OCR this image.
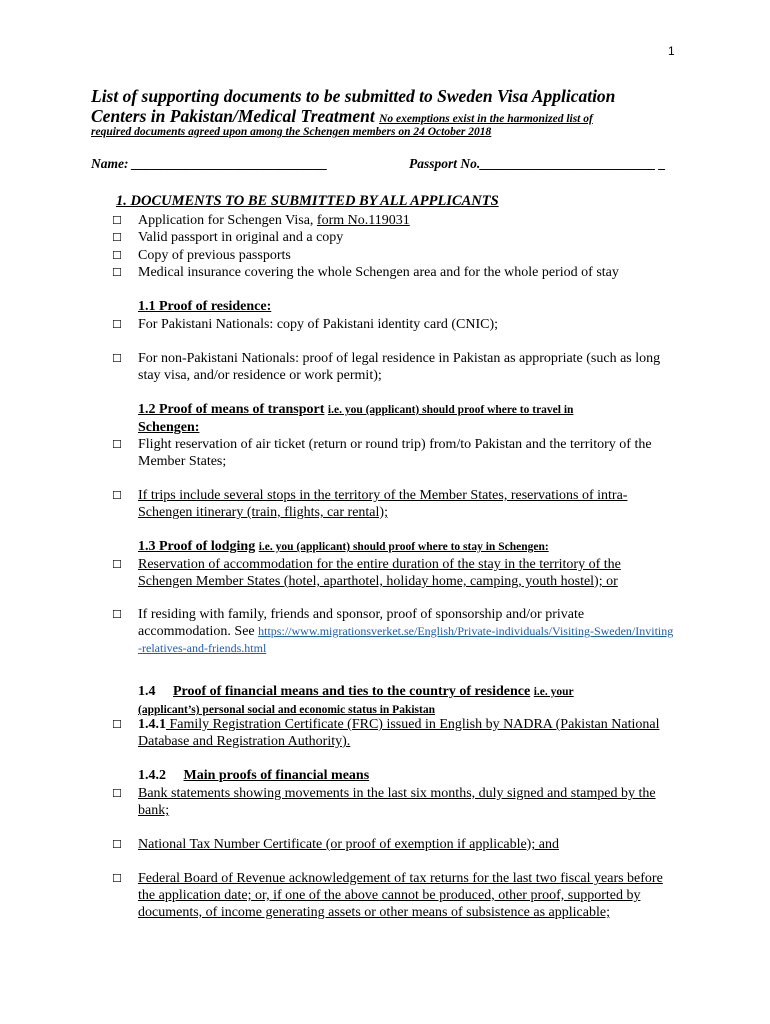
1
List of supporting documents to be submitted to Sweden Visa Application
Centers in Pakistan/Medical Treatment No exemptions exist in the harmonized list of
required documents agreed upon among the Schengen members on 24 October 2018
Name: _____________________________	Passport No.__________________________ _
1. DOCUMENTS TO BE SUBMITTED BY ALL APPLICANTS
☐ Application for Schengen Visa, form No.119031
☐ Valid passport in original and a copy
☐ Copy of previous passports
☐ Medical insurance covering the whole Schengen area and for the whole period of stay
1.1 Proof of residence:
☐ For Pakistani Nationals: copy of Pakistani identity card (CNIC);
☐ For non-Pakistani Nationals: proof of legal residence in Pakistan as appropriate (such as long stay visa, and/or residence or work permit);
1.2 Proof of means of transport i.e. you (applicant) should proof where to travel in
Schengen:
☐ Flight reservation of air ticket (return or round trip) from/to Pakistan and the territory of the Member States;
☐ If trips include several stops in the territory of the Member States, reservations of intra-Schengen itinerary (train, flights, car rental);
1.3 Proof of lodging i.e. you (applicant) should proof where to stay in Schengen:
☐ Reservation of accommodation for the entire duration of the stay in the territory of the Schengen Member States (hotel, aparthotel, holiday home, camping, youth hostel); or
☐ If residing with family, friends and sponsor, proof of sponsorship and/or private accommodation. See https://www.migrationsverket.se/English/Private-individuals/Visiting-Sweden/Inviting-relatives-and-friends.html
1.4 Proof of financial means and ties to the country of residence i.e. your
(applicant’s) personal social and economic status in Pakistan
☐ 1.4.1 Family Registration Certificate (FRC) issued in English by NADRA (Pakistan National Database and Registration Authority).
1.4.2 Main proofs of financial means
☐ Bank statements showing movements in the last six months, duly signed and stamped by the bank;
☐ National Tax Number Certificate (or proof of exemption if applicable); and
☐ Federal Board of Revenue acknowledgement of tax returns for the last two fiscal years before the application date; or, if one of the above cannot be produced, other proof, supported by documents, of income generating assets or other means of subsistence as applicable;
